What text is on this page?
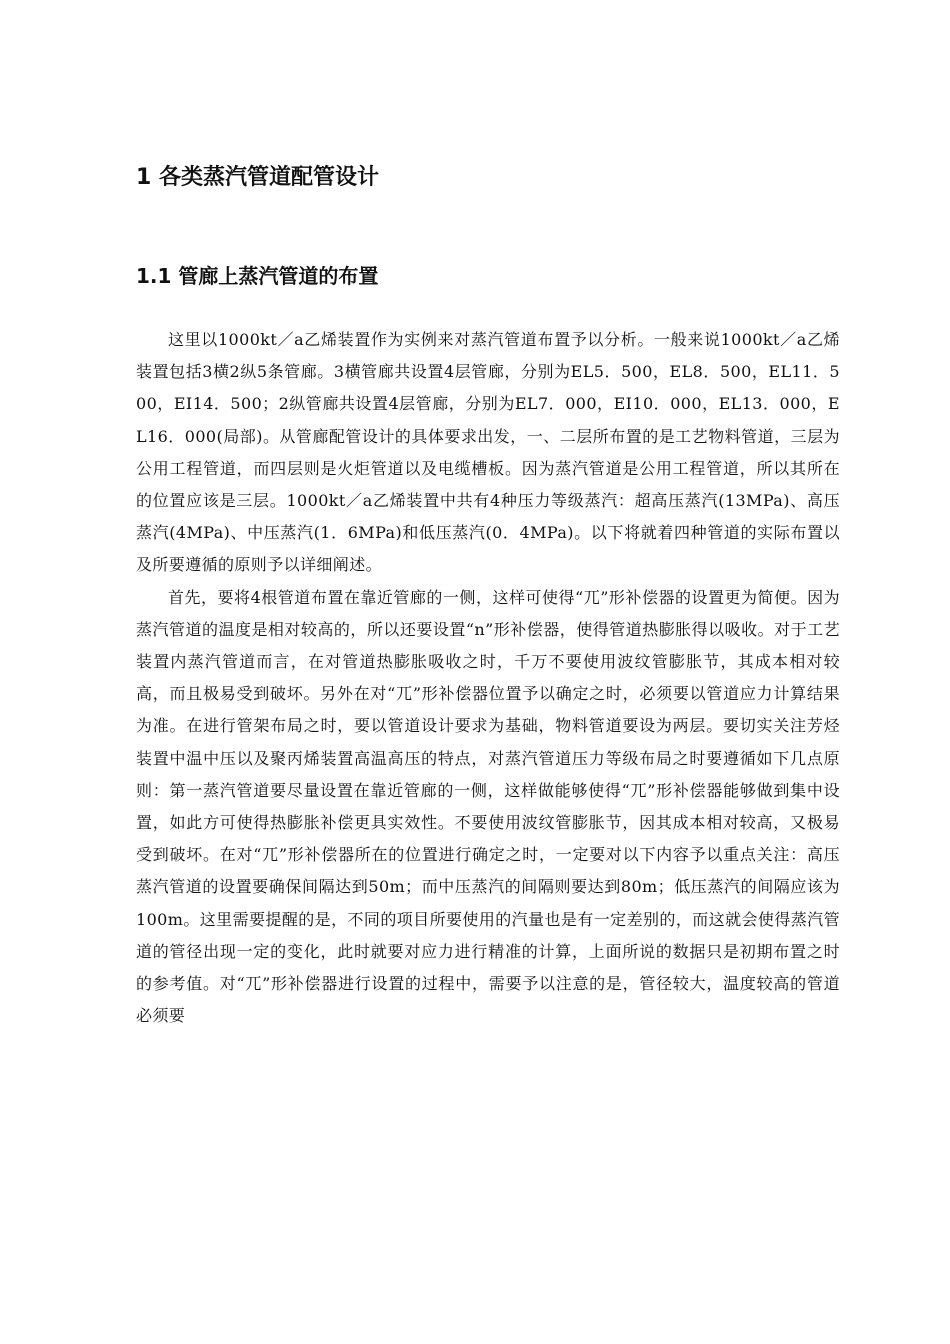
1 各类蒸汽管道配管设计
1.1 管廊上蒸汽管道的布置

这里以1000kt／a乙烯装置作为实例来对蒸汽管道布置予以分析。一般来说1000kt／a乙烯装置包括3横2纵5条管廊。3横管廊共设置4层管廊，分别为EL5．500，EL8．500，EL11．500，EI14．500；2纵管廊共设置4层管廊，分别为EL7．000，EI10．000，EL13．000，EL16．000(局部)。从管廊配管设计的具体要求出发，一、二层所布置的是工艺物料管道，三层为公用工程管道，而四层则是火炬管道以及电缆槽板。因为蒸汽管道是公用工程管道，所以其所在的位置应该是三层。1000kt／a乙烯装置中共有4种压力等级蒸汽：超高压蒸汽(13MPa)、高压蒸汽(4MPa)、中压蒸汽(1．6MPa)和低压蒸汽(0．4MPa)。以下将就着四种管道的实际布置以及所要遵循的原则予以详细阐述。

首先，要将4根管道布置在靠近管廊的一侧，这样可使得“兀”形补偿器的设置更为简便。因为蒸汽管道的温度是相对较高的，所以还要设置“n”形补偿器，使得管道热膨胀得以吸收。对于工艺装置内蒸汽管道而言，在对管道热膨胀吸收之时，千万不要使用波纹管膨胀节，其成本相对较高，而且极易受到破坏。另外在对“兀”形补偿器位置予以确定之时，必须要以管道应力计算结果为准。在进行管架布局之时，要以管道设计要求为基础，物料管道要设为两层。要切实关注芳烃装置中温中压以及聚丙烯装置高温高压的特点，对蒸汽管道压力等级布局之时要遵循如下几点原则：第一蒸汽管道要尽量设置在靠近管廊的一侧，这样做能够使得“兀”形补偿器能够做到集中设置，如此方可使得热膨胀补偿更具实效性。不要使用波纹管膨胀节，因其成本相对较高，又极易受到破坏。在对“兀”形补偿器所在的位置进行确定之时，一定要对以下内容予以重点关注：高压蒸汽管道的设置要确保间隔达到50m；而中压蒸汽的间隔则要达到80m；低压蒸汽的间隔应该为100m。这里需要提醒的是，不同的项目所要使用的汽量也是有一定差别的，而这就会使得蒸汽管道的管径出现一定的变化，此时就要对应力进行精准的计算，上面所说的数据只是初期布置之时的参考值。对“兀”形补偿器进行设置的过程中，需要予以注意的是，管径较大，温度较高的管道必须要
